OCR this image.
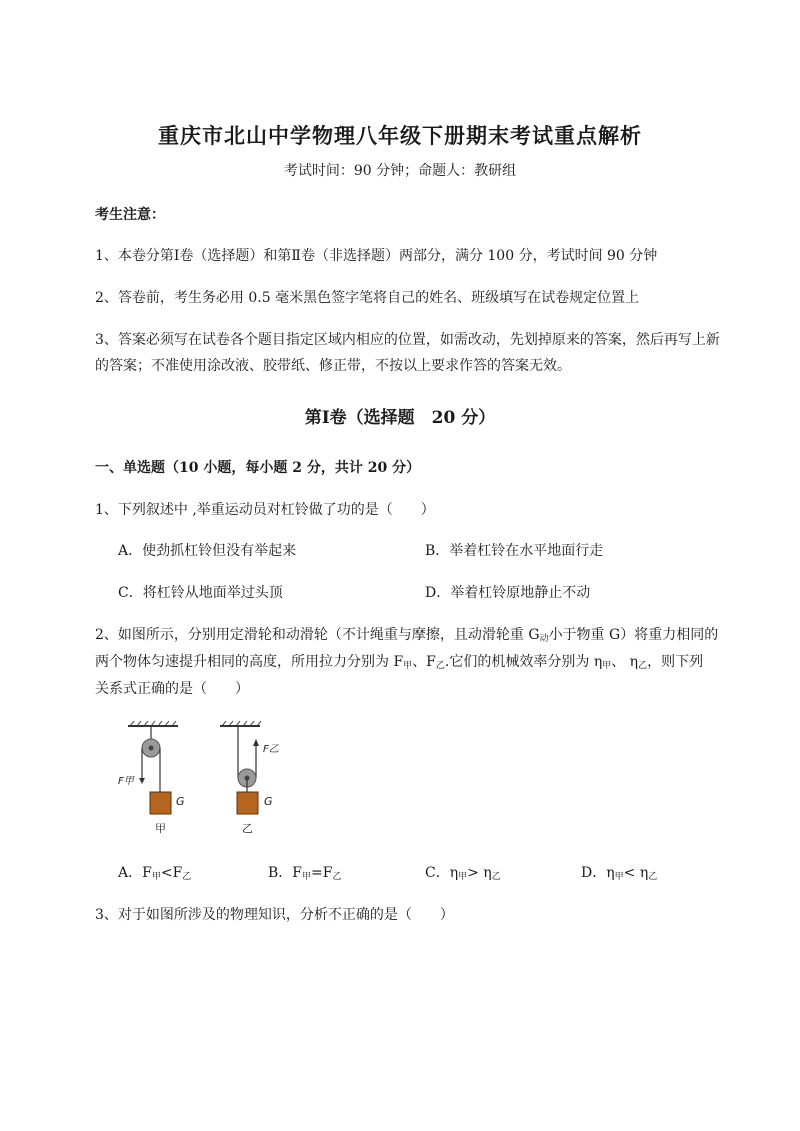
重庆市北山中学物理八年级下册期末考试重点解析
考试时间：90 分钟；命题人：教研组
考生注意：
1、本卷分第Ⅰ卷（选择题）和第Ⅱ卷（非选择题）两部分，满分 100 分，考试时间 90 分钟
2、答卷前，考生务必用 0.5 毫米黑色签字笔将自己的姓名、班级填写在试卷规定位置上
3、答案必须写在试卷各个题目指定区域内相应的位置，如需改动，先划掉原来的答案，然后再写上新
的答案；不准使用涂改液、胶带纸、修正带，不按以上要求作答的答案无效。
第Ⅰ卷（选择题　20 分）
一、单选题（10 小题，每小题 2 分，共计 20 分）
1、下列叙述中 ,举重运动员对杠铃做了功的是（　　）
A．使劲抓杠铃但没有举起来	B．举着杠铃在水平地面行走
C．将杠铃从地面举过头顶	D．举着杠铃原地静止不动
2、如图所示，分别用定滑轮和动滑轮（不计绳重与摩擦，且动滑轮重 $G_动$小于物重 G）将重力相同的
两个物体匀速提升相同的高度，所用拉力分别为 $F_甲$、$F_乙$.它们的机械效率分别为 $\eta_甲$、 $\eta_乙$，则下列
关系式正确的是（　　）
F甲
G
甲
F乙
G
乙
A．$F_甲<F_乙$	B．$F_甲=F_乙$	C．$\eta_甲> \eta_乙$	D．$\eta_甲< \eta_乙$
3、对于如图所涉及的物理知识，分析不正确的是（　　）
